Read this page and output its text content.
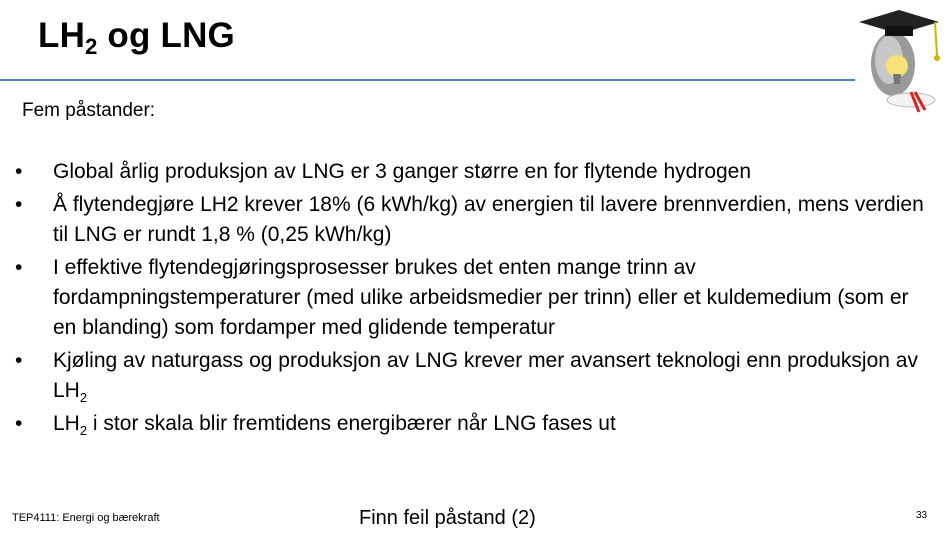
$LH_2$ og LNG
Fem påstander:
• Global årlig produksjon av LNG er 3 ganger større en for flytende hydrogen
• Å flytendegjøre LH2 krever 18% (6 kWh/kg) av energien til lavere brennverdien, mens verdien til LNG er rundt 1,8 % (0,25 kWh/kg)
• I effektive flytendegjøringsprosesser brukes det enten mange trinn av fordampningstemperaturer (med ulike arbeidsmedier per trinn) eller et kuldemedium (som er en blanding) som fordamper med glidende temperatur
• Kjøling av naturgass og produksjon av LNG krever mer avansert teknologi enn produksjon av $LH_2$
• $LH_2$ i stor skala blir fremtidens energibærer når LNG fases ut
TEP4111: Energi og bærekraft	Finn feil påstand (2)	33
